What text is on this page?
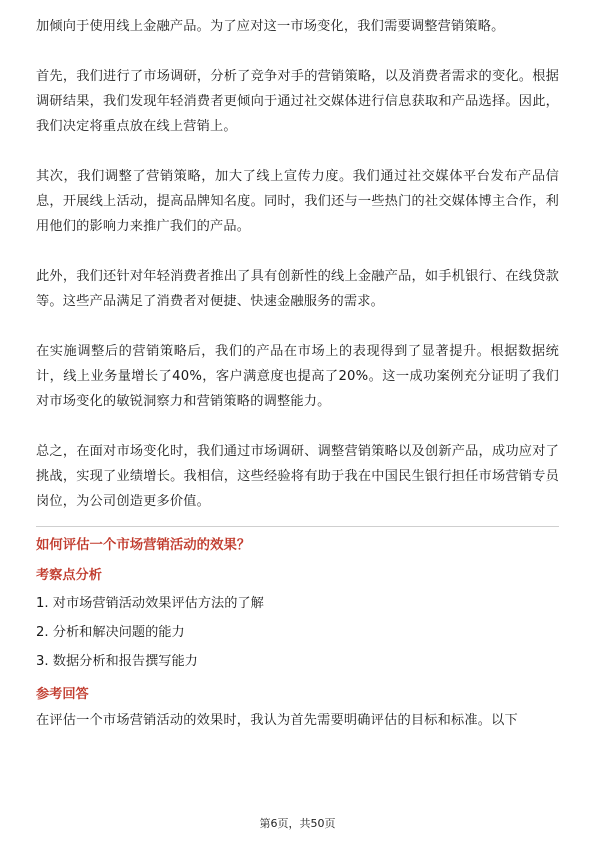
加倾向于使用线上金融产品。为了应对这一市场变化，我们需要调整营销策略。

首先，我们进行了市场调研，分析了竞争对手的营销策略，以及消费者需求的变化。根据调研结果，我们发现年轻消费者更倾向于通过社交媒体进行信息获取和产品选择。因此，我们决定将重点放在线上营销上。

其次，我们调整了营销策略，加大了线上宣传力度。我们通过社交媒体平台发布产品信息，开展线上活动，提高品牌知名度。同时，我们还与一些热门的社交媒体博主合作，利用他们的影响力来推广我们的产品。

此外，我们还针对年轻消费者推出了具有创新性的线上金融产品，如手机银行、在线贷款等。这些产品满足了消费者对便捷、快速金融服务的需求。

在实施调整后的营销策略后，我们的产品在市场上的表现得到了显著提升。根据数据统计，线上业务量增长了40%，客户满意度也提高了20%。这一成功案例充分证明了我们对市场变化的敏锐洞察力和营销策略的调整能力。

总之，在面对市场变化时，我们通过市场调研、调整营销策略以及创新产品，成功应对了挑战，实现了业绩增长。我相信，这些经验将有助于我在中国民生银行担任市场营销专员岗位，为公司创造更多价值。

如何评估一个市场营销活动的效果？

考察点分析

1. 对市场营销活动效果评估方法的了解
2. 分析和解决问题的能力
3. 数据分析和报告撰写能力

参考回答

在评估一个市场营销活动的效果时，我认为首先需要明确评估的目标和标准。以下

第6页，共50页
